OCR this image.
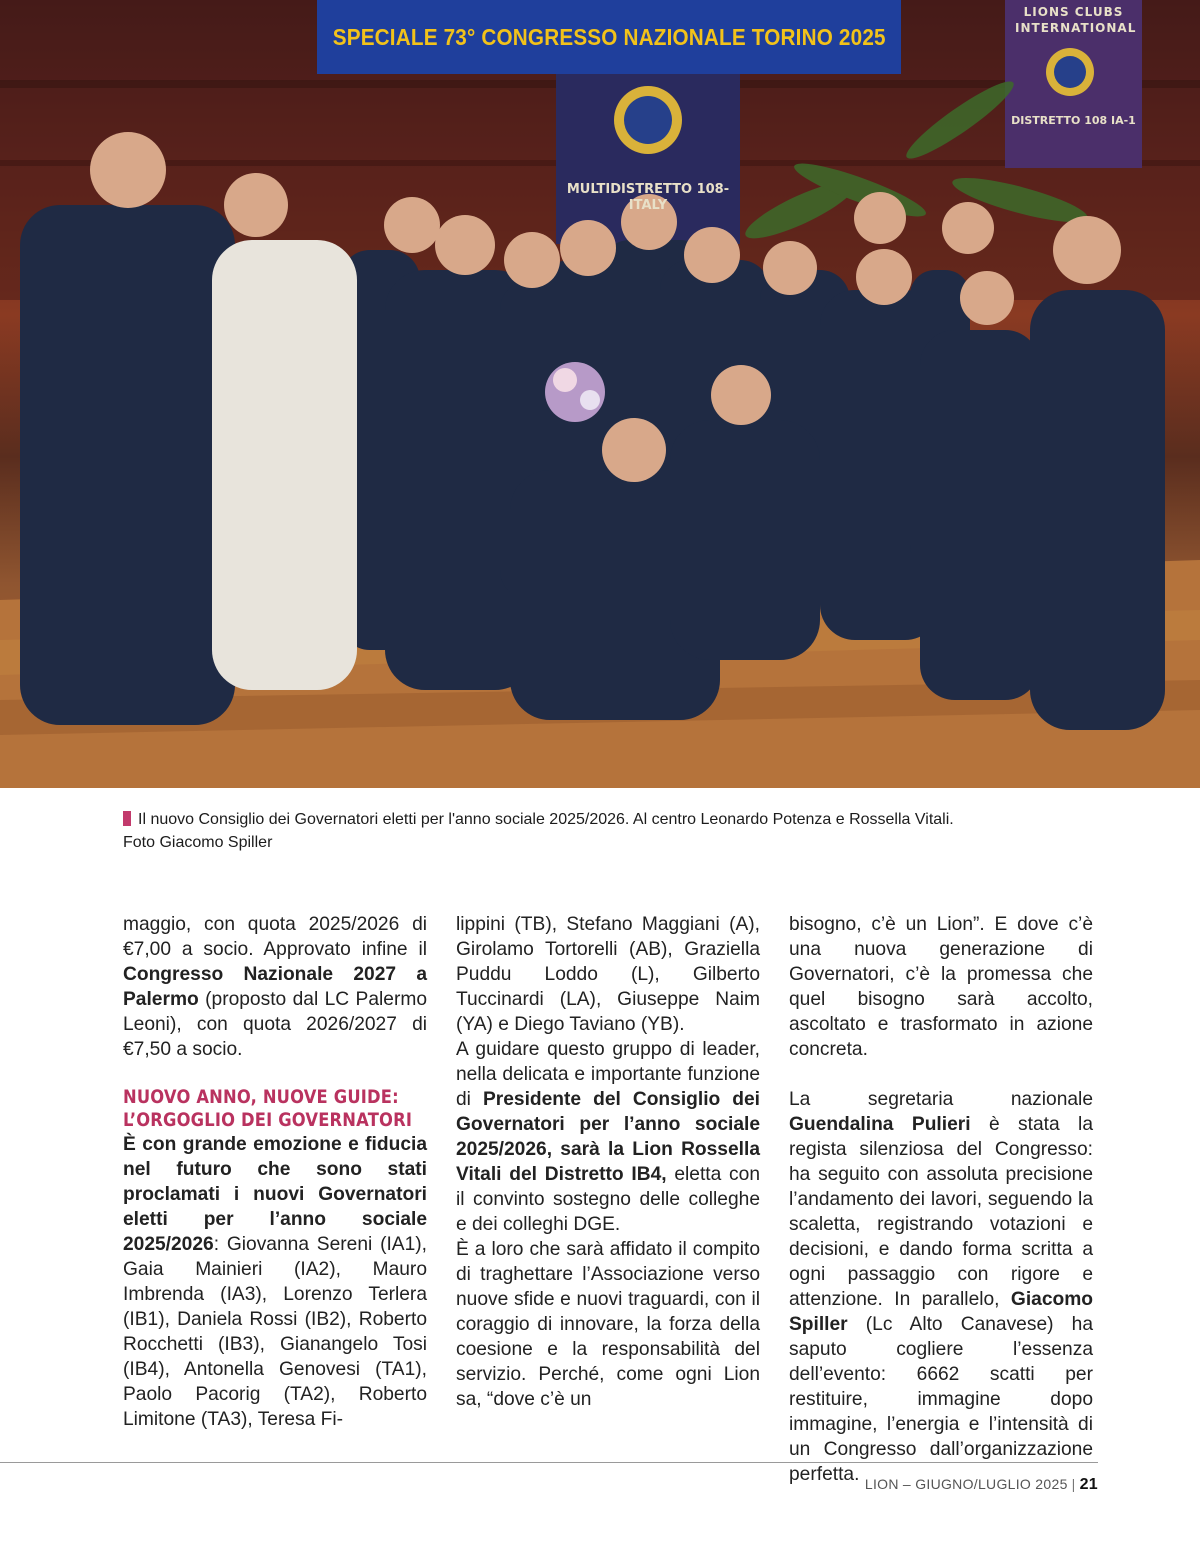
MULTIDISTRETTO 108-ITALY
LIONS CLUBS INTERNATIONAL
DISTRETTO 108 IA-1
SPECIALE 73° CONGRESSO NAZIONALE TORINO 2025
Il nuovo Consiglio dei Governatori eletti per l'anno sociale 2025/2026. Al centro Leonardo Potenza e Rossella Vitali.
Foto Giacomo Spiller

maggio, con quota 2025/2026 di €7,00 a socio. Approvato infine il Congresso Nazionale 2027 a Palermo (proposto dal LC Palermo Leoni), con quota 2026/2027 di €7,50 a socio.

NUOVO ANNO, NUOVE GUIDE:
L’ORGOGLIO DEI GOVERNATORI

È con grande emozione e fiducia nel futuro che sono stati proclamati i nuovi Governatori eletti per l’anno sociale 2025/2026: Giovanna Sereni (IA1), Gaia Mainieri (IA2), Mauro Imbrenda (IA3), Lorenzo Terlera (IB1), Daniela Rossi (IB2), Roberto Rocchetti (IB3), Gianangelo Tosi (IB4), Antonella Genovesi (TA1), Paolo Pacorig (TA2), Roberto Limitone (TA3), Teresa Fi-

lippini (TB), Stefano Maggiani (A), Girolamo Tortorelli (AB), Graziella Puddu Loddo (L), Gilberto Tuccinardi (LA), Giuseppe Naim (YA) e Diego Taviano (YB).

A guidare questo gruppo di leader, nella delicata e importante funzione di Presidente del Consiglio dei Governatori per l’anno sociale 2025/2026, sarà la Lion Rossella Vitali del Distretto IB4, eletta con il convinto sostegno delle colleghe e dei colleghi DGE.

È a loro che sarà affidato il compito di traghettare l’Associazione verso nuove sfide e nuovi traguardi, con il coraggio di innovare, la forza della coesione e la responsabilità del servizio. Perché, come ogni Lion sa, “dove c’è un

bisogno, c’è un Lion”. E dove c’è una nuova generazione di Governatori, c’è la promessa che quel bisogno sarà accolto, ascoltato e trasformato in azione concreta.

La segretaria nazionale Guendalina Pulieri è stata la regista silenziosa del Congresso: ha seguito con assoluta precisione l’andamento dei lavori, seguendo la scaletta, registrando votazioni e decisioni, e dando forma scritta a ogni passaggio con rigore e attenzione. In parallelo, Giacomo Spiller (Lc Alto Canavese) ha saputo cogliere l’essenza dell’evento: 6662 scatti per restituire, immagine dopo immagine, l’energia e l’intensità di un Congresso dall’organizzazione perfetta. LION – GIUGNO/LUGLIO 2025 | 21
